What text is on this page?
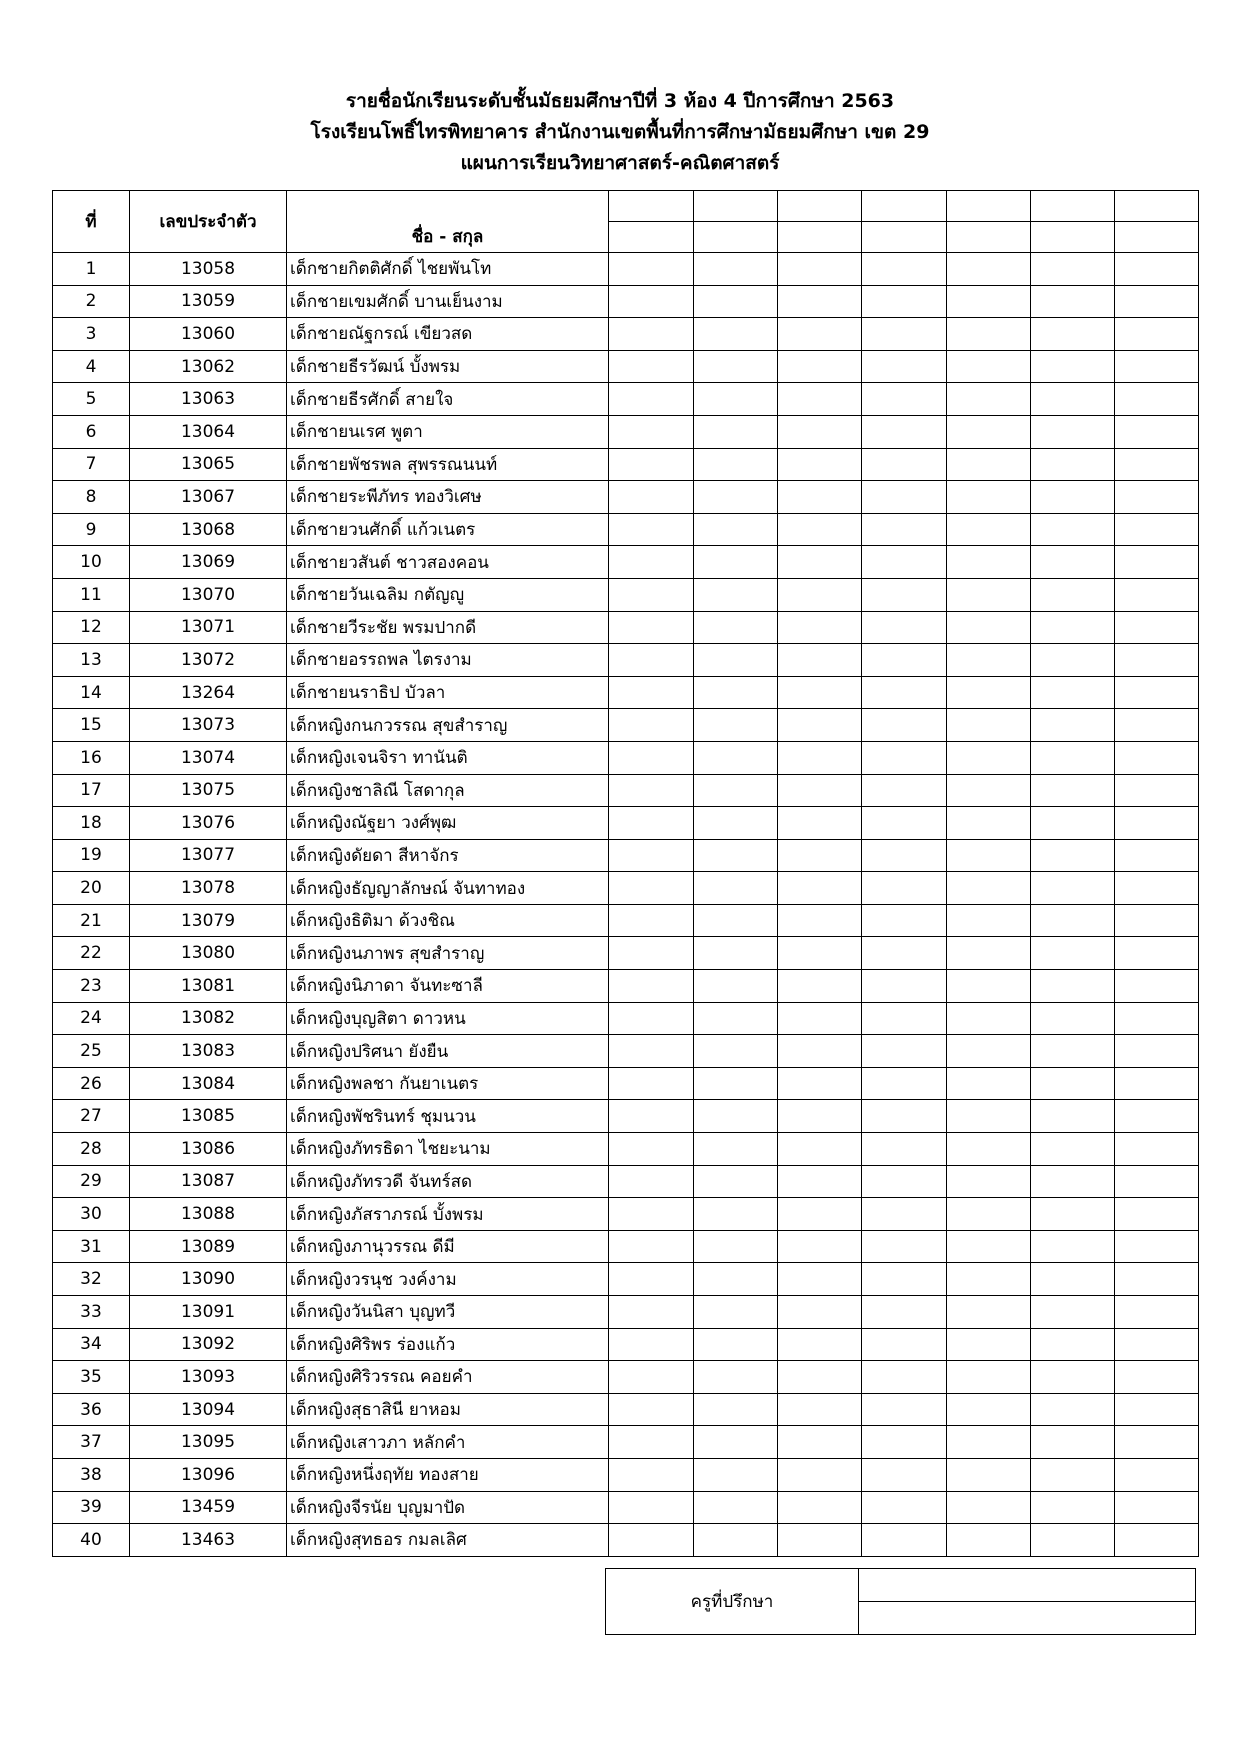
รายชื่อนักเรียนระดับชั้นมัธยมศึกษาปีที่ 3 ห้อง 4 ปีการศึกษา 2563
โรงเรียนโพธิ์ไทรพิทยาคาร สำนักงานเขตพื้นที่การศึกษามัธยมศึกษา เขต 29
แผนการเรียนวิทยาศาสตร์-คณิตศาสตร์
ที่	เลขประจำตัว	ชื่อ - สกุล							

1	13058	เด็กชายกิตติศักดิ์ ไชยพันโท							
2	13059	เด็กชายเขมศักดิ์ บานเย็นงาม							
3	13060	เด็กชายณัฐกรณ์ เขียวสด							
4	13062	เด็กชายธีรวัฒน์ บั้งพรม							
5	13063	เด็กชายธีรศักดิ์ สายใจ							
6	13064	เด็กชายนเรศ พูตา							
7	13065	เด็กชายพัชรพล สุพรรณนนท์							
8	13067	เด็กชายระพีภัทร ทองวิเศษ							
9	13068	เด็กชายวนศักดิ์ แก้วเนตร							
10	13069	เด็กชายวสันต์ ชาวสองคอน							
11	13070	เด็กชายวันเฉลิม กตัญญู							
12	13071	เด็กชายวีระชัย พรมปากดี							
13	13072	เด็กชายอรรถพล ไตรงาม							
14	13264	เด็กชายนราธิป บัวลา							
15	13073	เด็กหญิงกนกวรรณ สุขสำราญ							
16	13074	เด็กหญิงเจนจิรา ทานันติ							
17	13075	เด็กหญิงชาลิณี โสดากุล							
18	13076	เด็กหญิงณัฐยา วงศ์พุฒ							
19	13077	เด็กหญิงดัยดา สีหาจักร							
20	13078	เด็กหญิงธัญญาลักษณ์ จันทาทอง							
21	13079	เด็กหญิงธิติมา ด้วงชิณ							
22	13080	เด็กหญิงนภาพร สุขสำราญ							
23	13081	เด็กหญิงนิภาดา จันทะซาลี							
24	13082	เด็กหญิงบุญสิตา ดาวหน							
25	13083	เด็กหญิงปริศนา ยังยืน							
26	13084	เด็กหญิงพลชา กันยาเนตร							
27	13085	เด็กหญิงพัชรินทร์ ชุมนวน							
28	13086	เด็กหญิงภัทรธิดา ไชยะนาม							
29	13087	เด็กหญิงภัทรวดี จันทร์สด							
30	13088	เด็กหญิงภัสราภรณ์ บั้งพรม							
31	13089	เด็กหญิงภานุวรรณ ดีมี							
32	13090	เด็กหญิงวรนุช วงค์งาม							
33	13091	เด็กหญิงวันนิสา บุญทวี							
34	13092	เด็กหญิงศิริพร ร่องแก้ว							
35	13093	เด็กหญิงศิริวรรณ คอยคำ							
36	13094	เด็กหญิงสุธาสินี ยาหอม							
37	13095	เด็กหญิงเสาวภา หลักคำ							
38	13096	เด็กหญิงหนึ่งฤทัย ทองสาย							
39	13459	เด็กหญิงจีรนัย บุญมาปัด							
40	13463	เด็กหญิงสุทธอร กมลเลิศ							
ครูที่ปรึกษา	
